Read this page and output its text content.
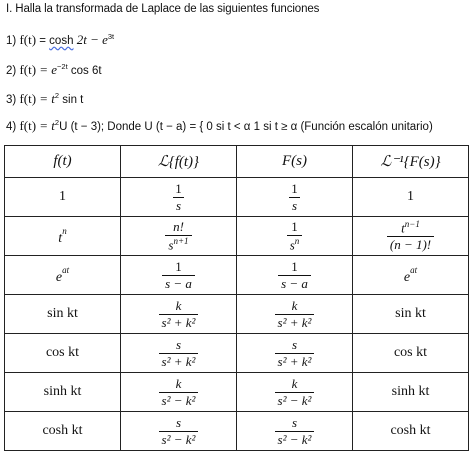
I. Halla la transformada de Laplace de las siguientes funciones
1) $f(t) = \cosh 2t - e^{3t}$
2) $f(t) = e^{-2t}$ cos 6t
3) $f(t) = t^2$ sin t
4) $f(t) = t^2U$ (t − 3); Donde U (t − a) = { 0 si t < α 1 si t ≥ α (Función escalón unitario)
f(t)	ℒ{f(t)}	F(s)	ℒ⁻¹{F(s)}
1	$\frac{1}{s}$	$\frac{1}{s}$	1
$t^n$	$\frac{n!}{s^{n+1}}$	$\frac{1}{s^n}$	$\frac{t^{n-1}}{(n - 1)!}$

$e^{at}$	$\frac{1}{s - a}$	$\frac{1}{s - a}$	$e^{at}$
sin kt	$\frac{k}{\text{s² + k²}}$	$\frac{k}{\text{s² + k²}}$	sin kt
cos kt	$\frac{s}{\text{s² + k²}}$	$\frac{s}{\text{s² + k²}}$	cos kt
sinh kt	$\frac{k}{\text{s² − k²}}$	$\frac{k}{\text{s² − k²}}$	sinh kt
cosh kt	$\frac{s}{\text{s² − k²}}$	$\frac{s}{\text{s² − k²}}$	cosh kt
